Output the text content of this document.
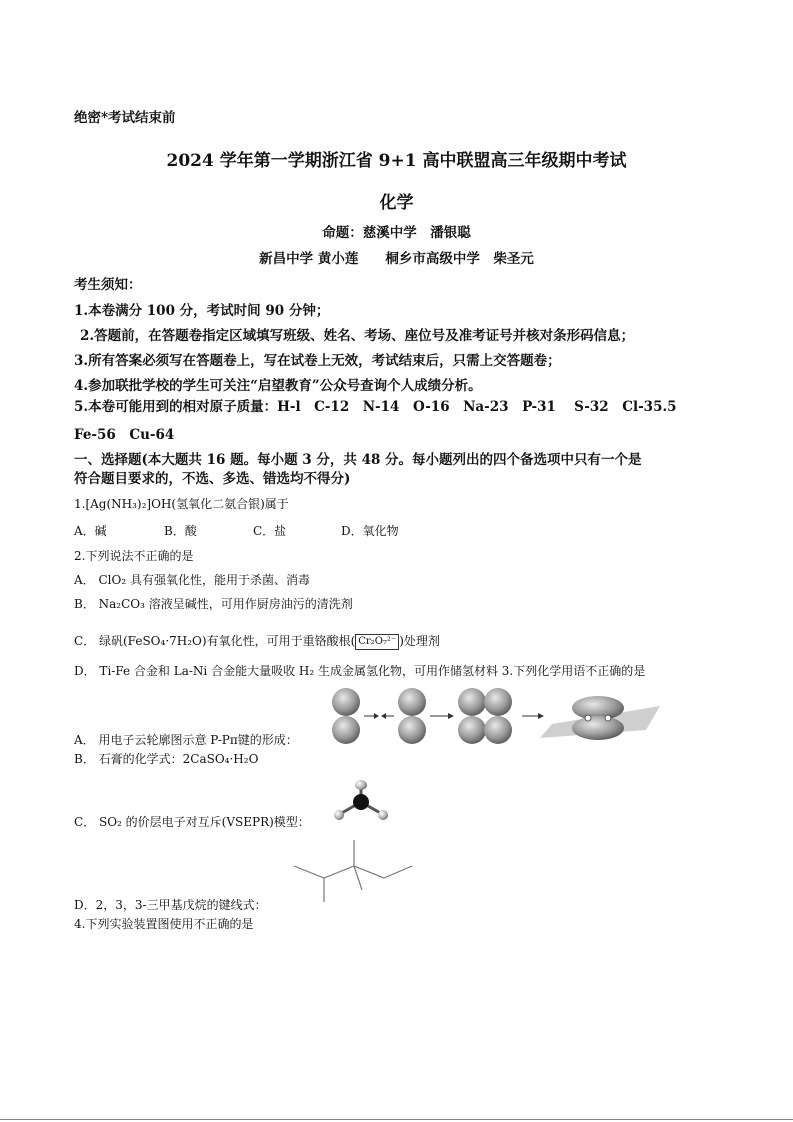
绝密*考试结束前
2024 学年第一学期浙江省 9+1 高中联盟高三年级期中考试
化学
命题：慈溪中学　潘银聪
新昌中学 黄小莲　　桐乡市高级中学　柴圣元
考生须知：
1.本卷满分 100 分，考试时间 90 分钟；
2.答题前，在答题卷指定区域填写班级、姓名、考场、座位号及准考证号并核对条形码信息；
3.所有答案必须写在答题卷上，写在试卷上无效，考试结束后，只需上交答题卷；
4.参加联批学校的学生可关注“启望教育”公众号查询个人成绩分析。
5.本卷可能用到的相对原子质量：H-l　C-12　N-14　O-16　Na-23　P-31　 S-32　Cl-35.5
Fe-56　Cu-64
一、选择题(本大题共 16 题。每小题 3 分，共 48 分。每小题列出的四个备选项中只有一个是
符合题目要求的，不选、多选、错选均不得分)
1.[Ag(NH₃)₂]OH(氢氧化二氨合银)属于
A．碱	B．酸	C．盐	D．氧化物
2.下列说法不正确的是
A． ClO₂ 具有强氧化性，能用于杀菌、消毒
B． Na₂CO₃ 溶液呈碱性，可用作厨房油污的清洗剂
C． 绿矾(FeSO₄·7H₂O)有氧化性，可用于重铬酸根( Cr₂O₇²⁻ )处理剂
D． Ti-Fe 合金和 La-Ni 合金能大量吸收 H₂ 生成金属氢化物，可用作储氢材料 3.下列化学用语不正确的是
A． 用电子云轮廓图示意 P-Pπ键的形成：
B． 石膏的化学式：2CaSO₄·H₂O
C． SO₂ 的价层电子对互斥(VSEPR)模型：
D．2，3，3-三甲基戊烷的键线式：
4.下列实验装置图使用不正确的是
